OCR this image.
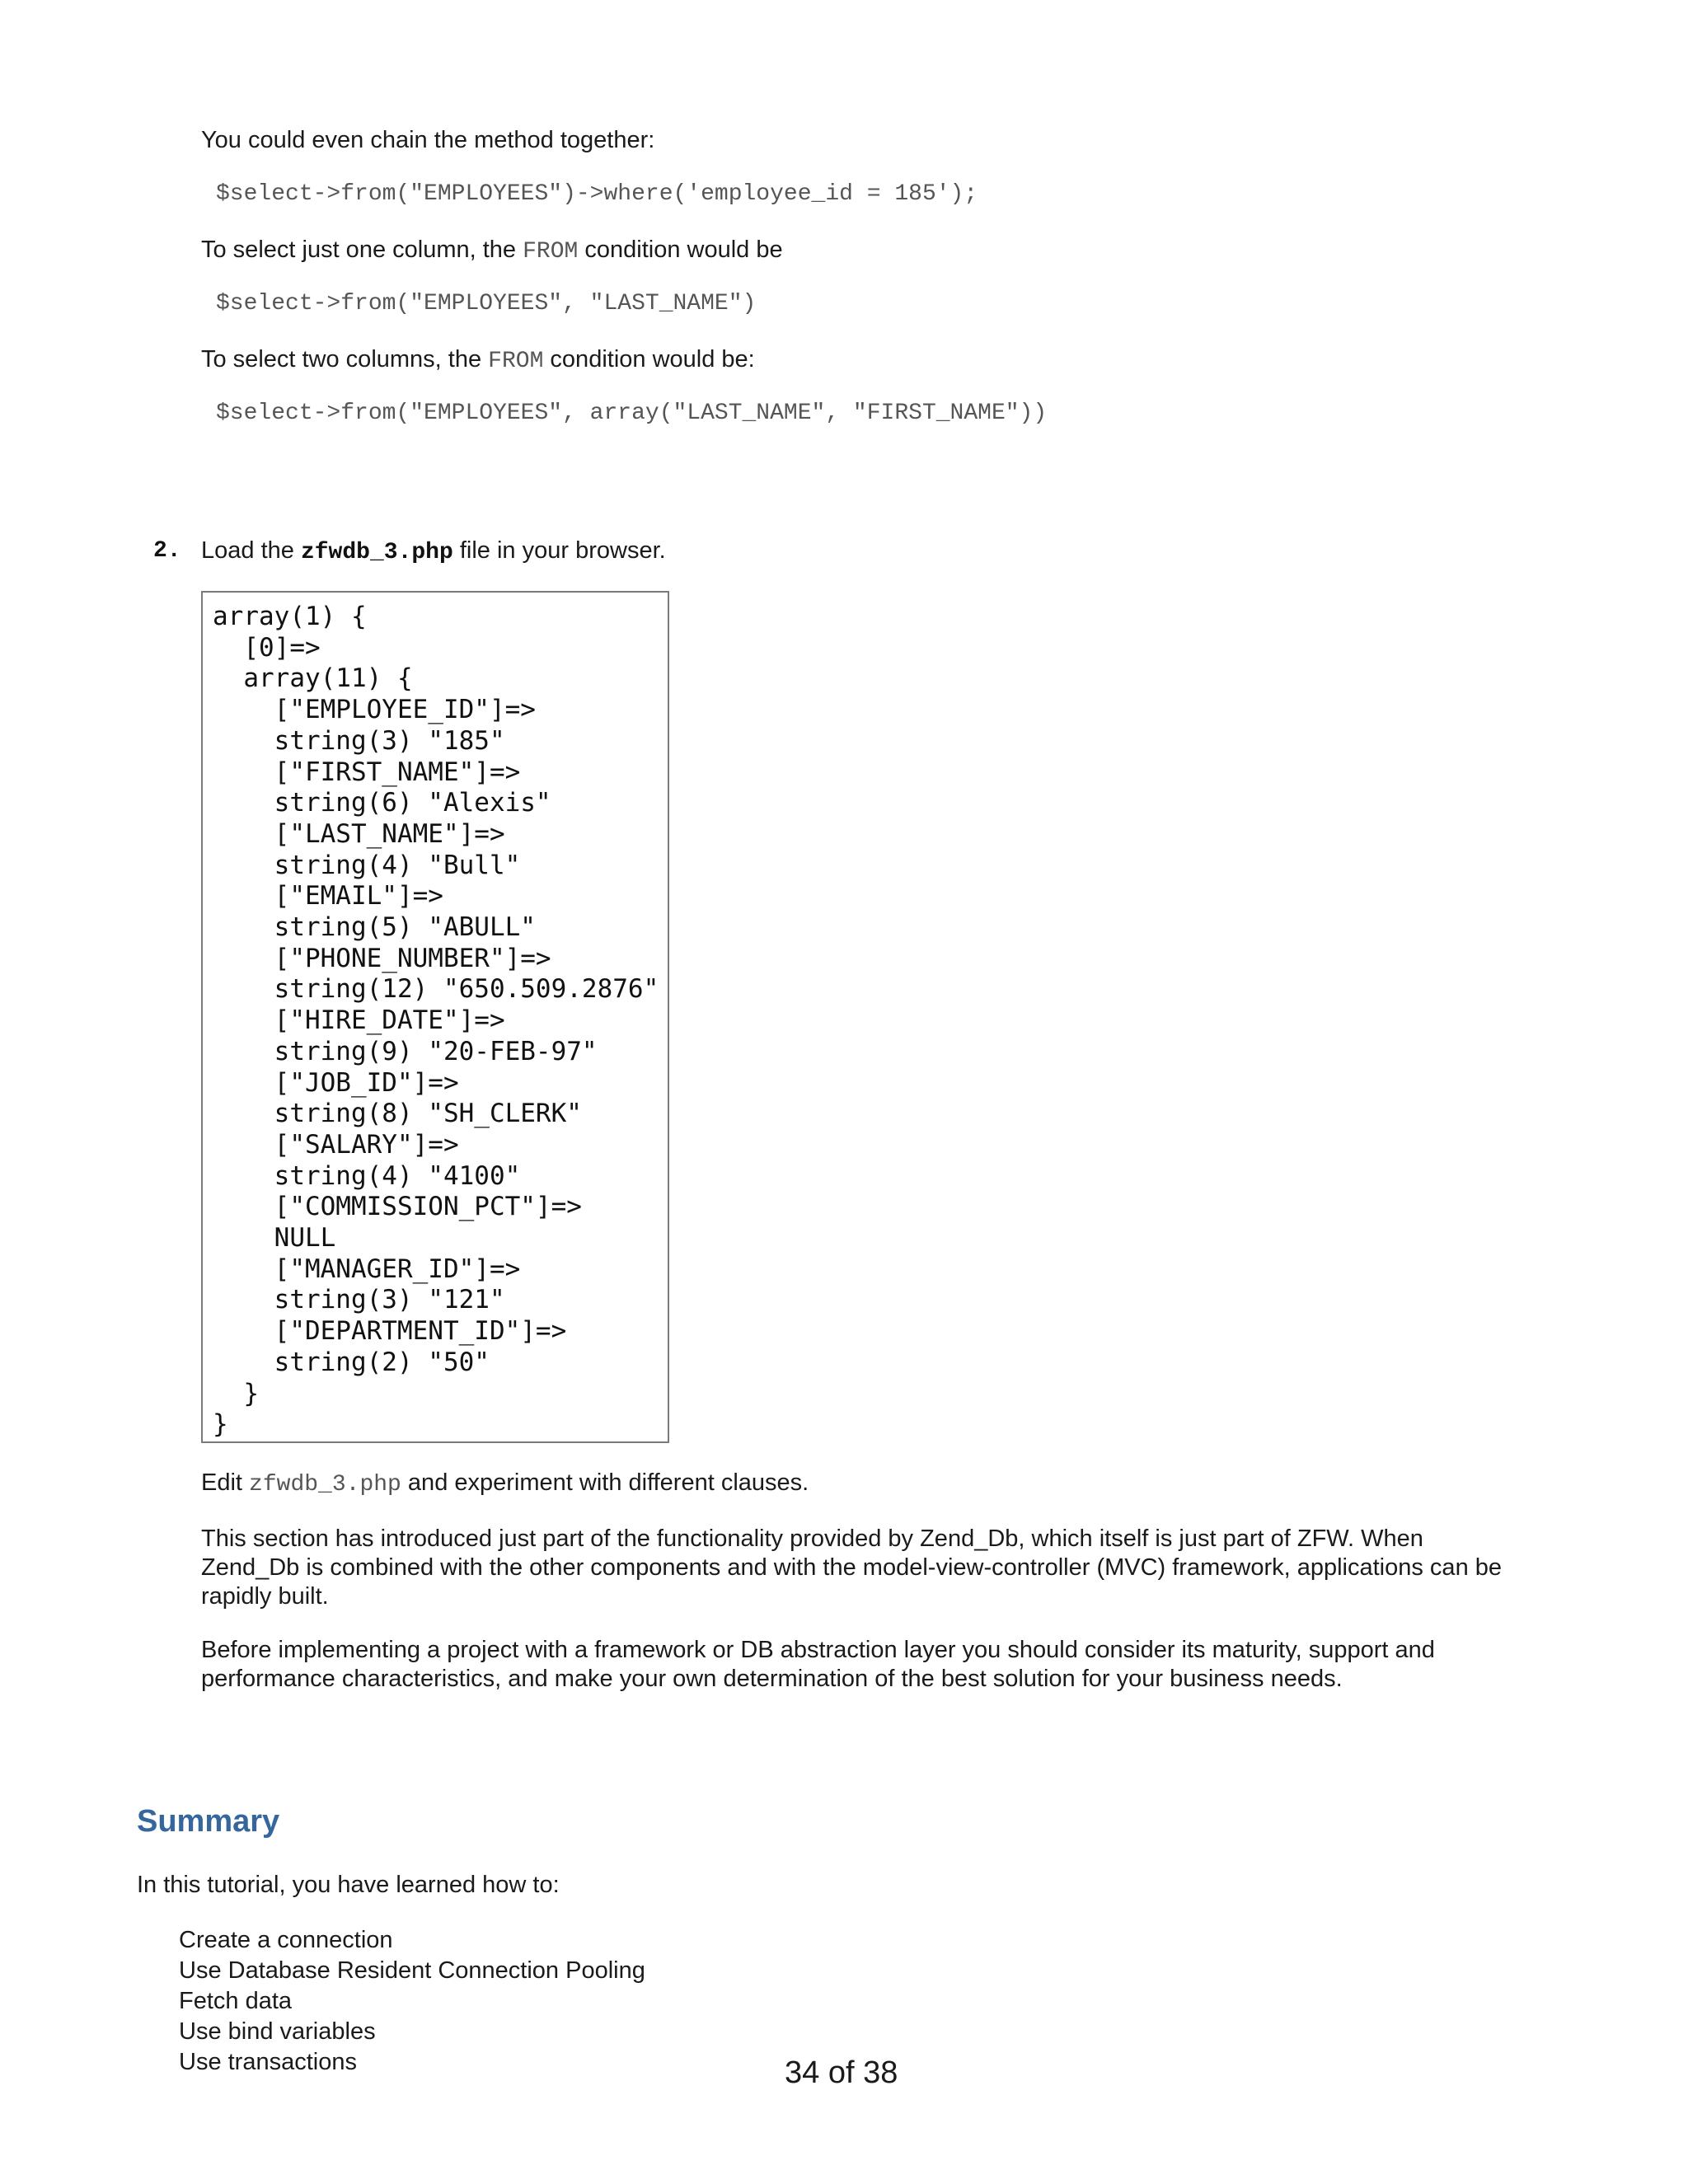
You could even chain the method together:
$select->from("EMPLOYEES")->where('employee_id = 185');
To select just one column, the FROM condition would be
$select->from("EMPLOYEES", "LAST_NAME")
To select two columns, the FROM condition would be:
$select->from("EMPLOYEES", array("LAST_NAME", "FIRST_NAME"))
2. Load the zfwdb_3.php file in your browser.
array(1) {
[0]=>
array(11) {
["EMPLOYEE_ID"]=>
string(3) "185"
["FIRST_NAME"]=>
string(6) "Alexis"
["LAST_NAME"]=>
string(4) "Bull"
["EMAIL"]=>
string(5) "ABULL"
["PHONE_NUMBER"]=>
string(12) "650.509.2876"
["HIRE_DATE"]=>
string(9) "20-FEB-97"
["JOB_ID"]=>
string(8) "SH_CLERK"
["SALARY"]=>
string(4) "4100"
["COMMISSION_PCT"]=>
NULL
["MANAGER_ID"]=>
string(3) "121"
["DEPARTMENT_ID"]=>
string(2) "50"
}
}
Edit zfwdb_3.php and experiment with different clauses.
This section has introduced just part of the functionality provided by Zend_Db, which itself is just part of ZFW. When Zend_Db is combined with the other components and with the model-view-controller (MVC) framework, applications can be rapidly built.
Before implementing a project with a framework or DB abstraction layer you should consider its maturity, support and performance characteristics, and make your own determination of the best solution for your business needs.
Summary
In this tutorial, you have learned how to:
Create a connection
Use Database Resident Connection Pooling
Fetch data
Use bind variables
Use transactions	34 of 38
